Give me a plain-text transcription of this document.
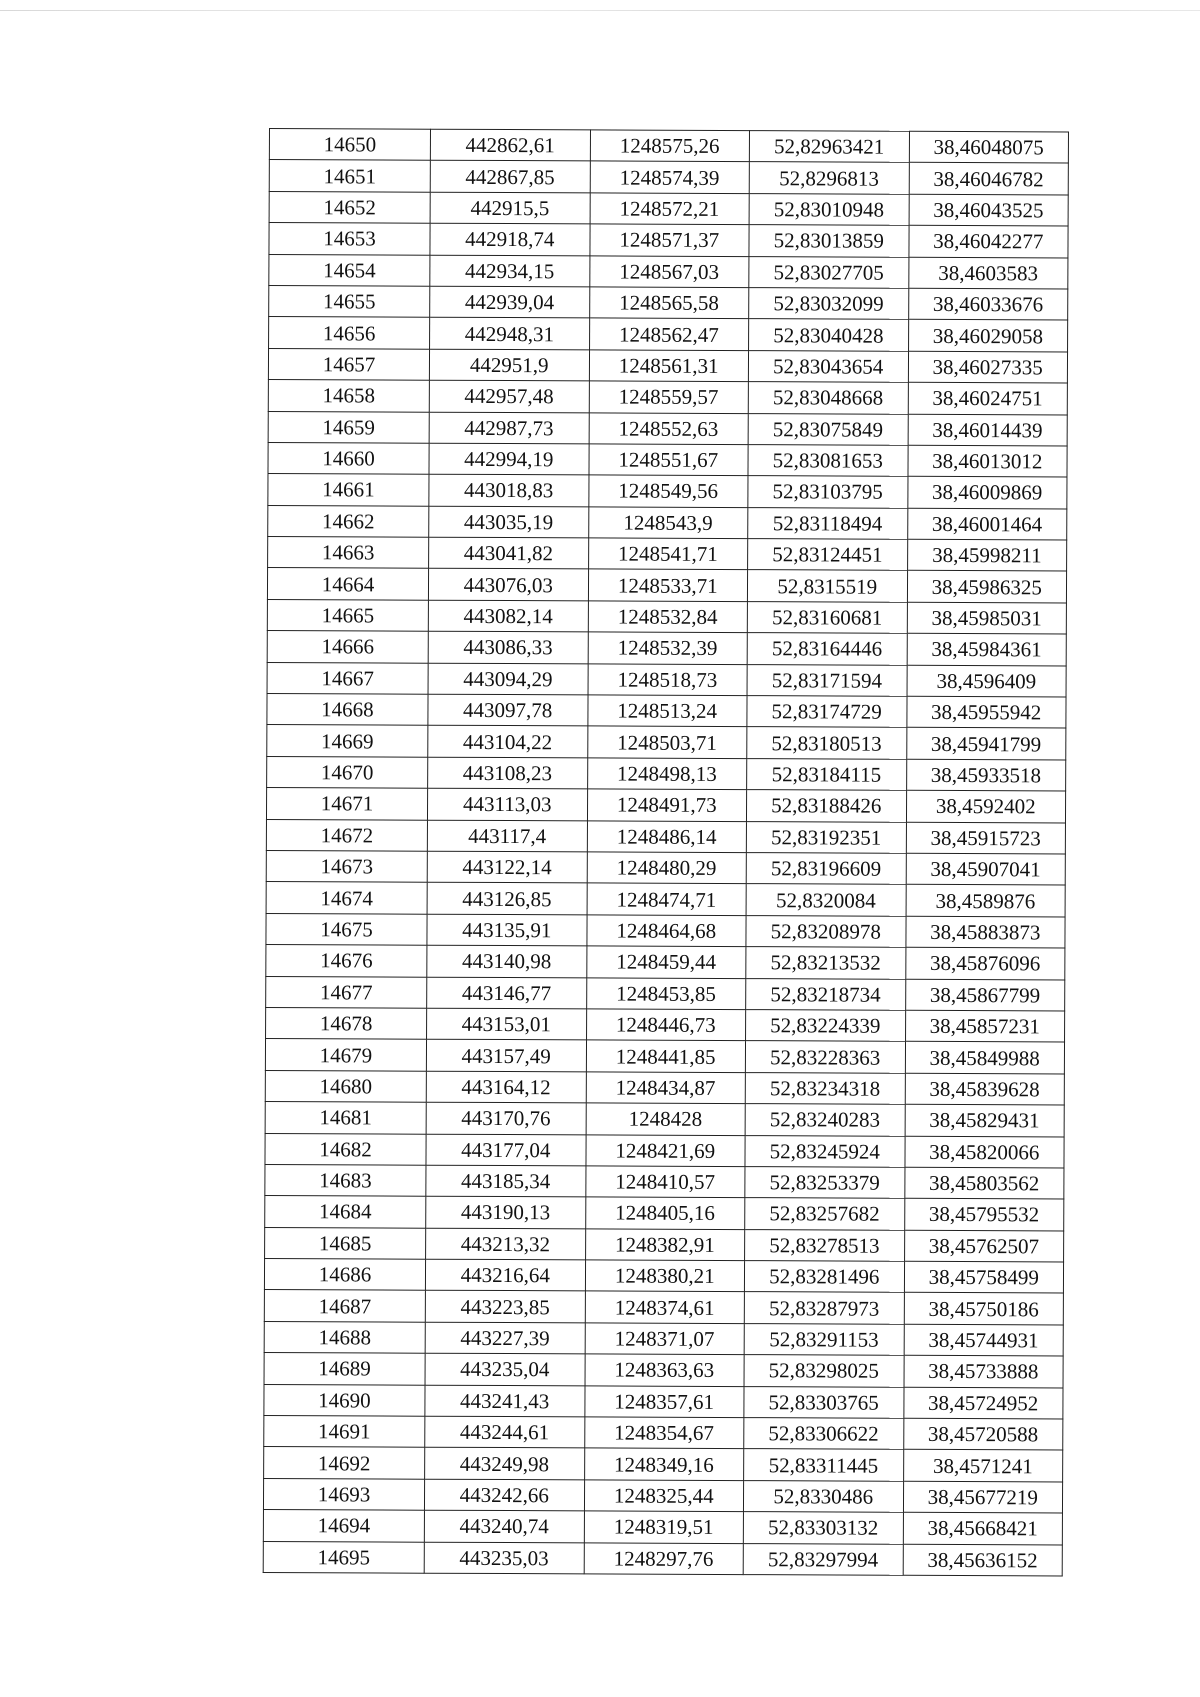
14650	442862,61	1248575,26	52,82963421	38,46048075
14651	442867,85	1248574,39	52,8296813	38,46046782
14652	442915,5	1248572,21	52,83010948	38,46043525
14653	442918,74	1248571,37	52,83013859	38,46042277
14654	442934,15	1248567,03	52,83027705	38,4603583
14655	442939,04	1248565,58	52,83032099	38,46033676
14656	442948,31	1248562,47	52,83040428	38,46029058
14657	442951,9	1248561,31	52,83043654	38,46027335
14658	442957,48	1248559,57	52,83048668	38,46024751
14659	442987,73	1248552,63	52,83075849	38,46014439
14660	442994,19	1248551,67	52,83081653	38,46013012
14661	443018,83	1248549,56	52,83103795	38,46009869
14662	443035,19	1248543,9	52,83118494	38,46001464
14663	443041,82	1248541,71	52,83124451	38,45998211
14664	443076,03	1248533,71	52,8315519	38,45986325
14665	443082,14	1248532,84	52,83160681	38,45985031
14666	443086,33	1248532,39	52,83164446	38,45984361
14667	443094,29	1248518,73	52,83171594	38,4596409
14668	443097,78	1248513,24	52,83174729	38,45955942
14669	443104,22	1248503,71	52,83180513	38,45941799
14670	443108,23	1248498,13	52,83184115	38,45933518
14671	443113,03	1248491,73	52,83188426	38,4592402
14672	443117,4	1248486,14	52,83192351	38,45915723
14673	443122,14	1248480,29	52,83196609	38,45907041
14674	443126,85	1248474,71	52,8320084	38,4589876
14675	443135,91	1248464,68	52,83208978	38,45883873
14676	443140,98	1248459,44	52,83213532	38,45876096
14677	443146,77	1248453,85	52,83218734	38,45867799
14678	443153,01	1248446,73	52,83224339	38,45857231
14679	443157,49	1248441,85	52,83228363	38,45849988
14680	443164,12	1248434,87	52,83234318	38,45839628
14681	443170,76	1248428	52,83240283	38,45829431
14682	443177,04	1248421,69	52,83245924	38,45820066
14683	443185,34	1248410,57	52,83253379	38,45803562
14684	443190,13	1248405,16	52,83257682	38,45795532
14685	443213,32	1248382,91	52,83278513	38,45762507
14686	443216,64	1248380,21	52,83281496	38,45758499
14687	443223,85	1248374,61	52,83287973	38,45750186
14688	443227,39	1248371,07	52,83291153	38,45744931
14689	443235,04	1248363,63	52,83298025	38,45733888
14690	443241,43	1248357,61	52,83303765	38,45724952
14691	443244,61	1248354,67	52,83306622	38,45720588
14692	443249,98	1248349,16	52,83311445	38,4571241
14693	443242,66	1248325,44	52,8330486	38,45677219
14694	443240,74	1248319,51	52,83303132	38,45668421
14695	443235,03	1248297,76	52,83297994	38,45636152
